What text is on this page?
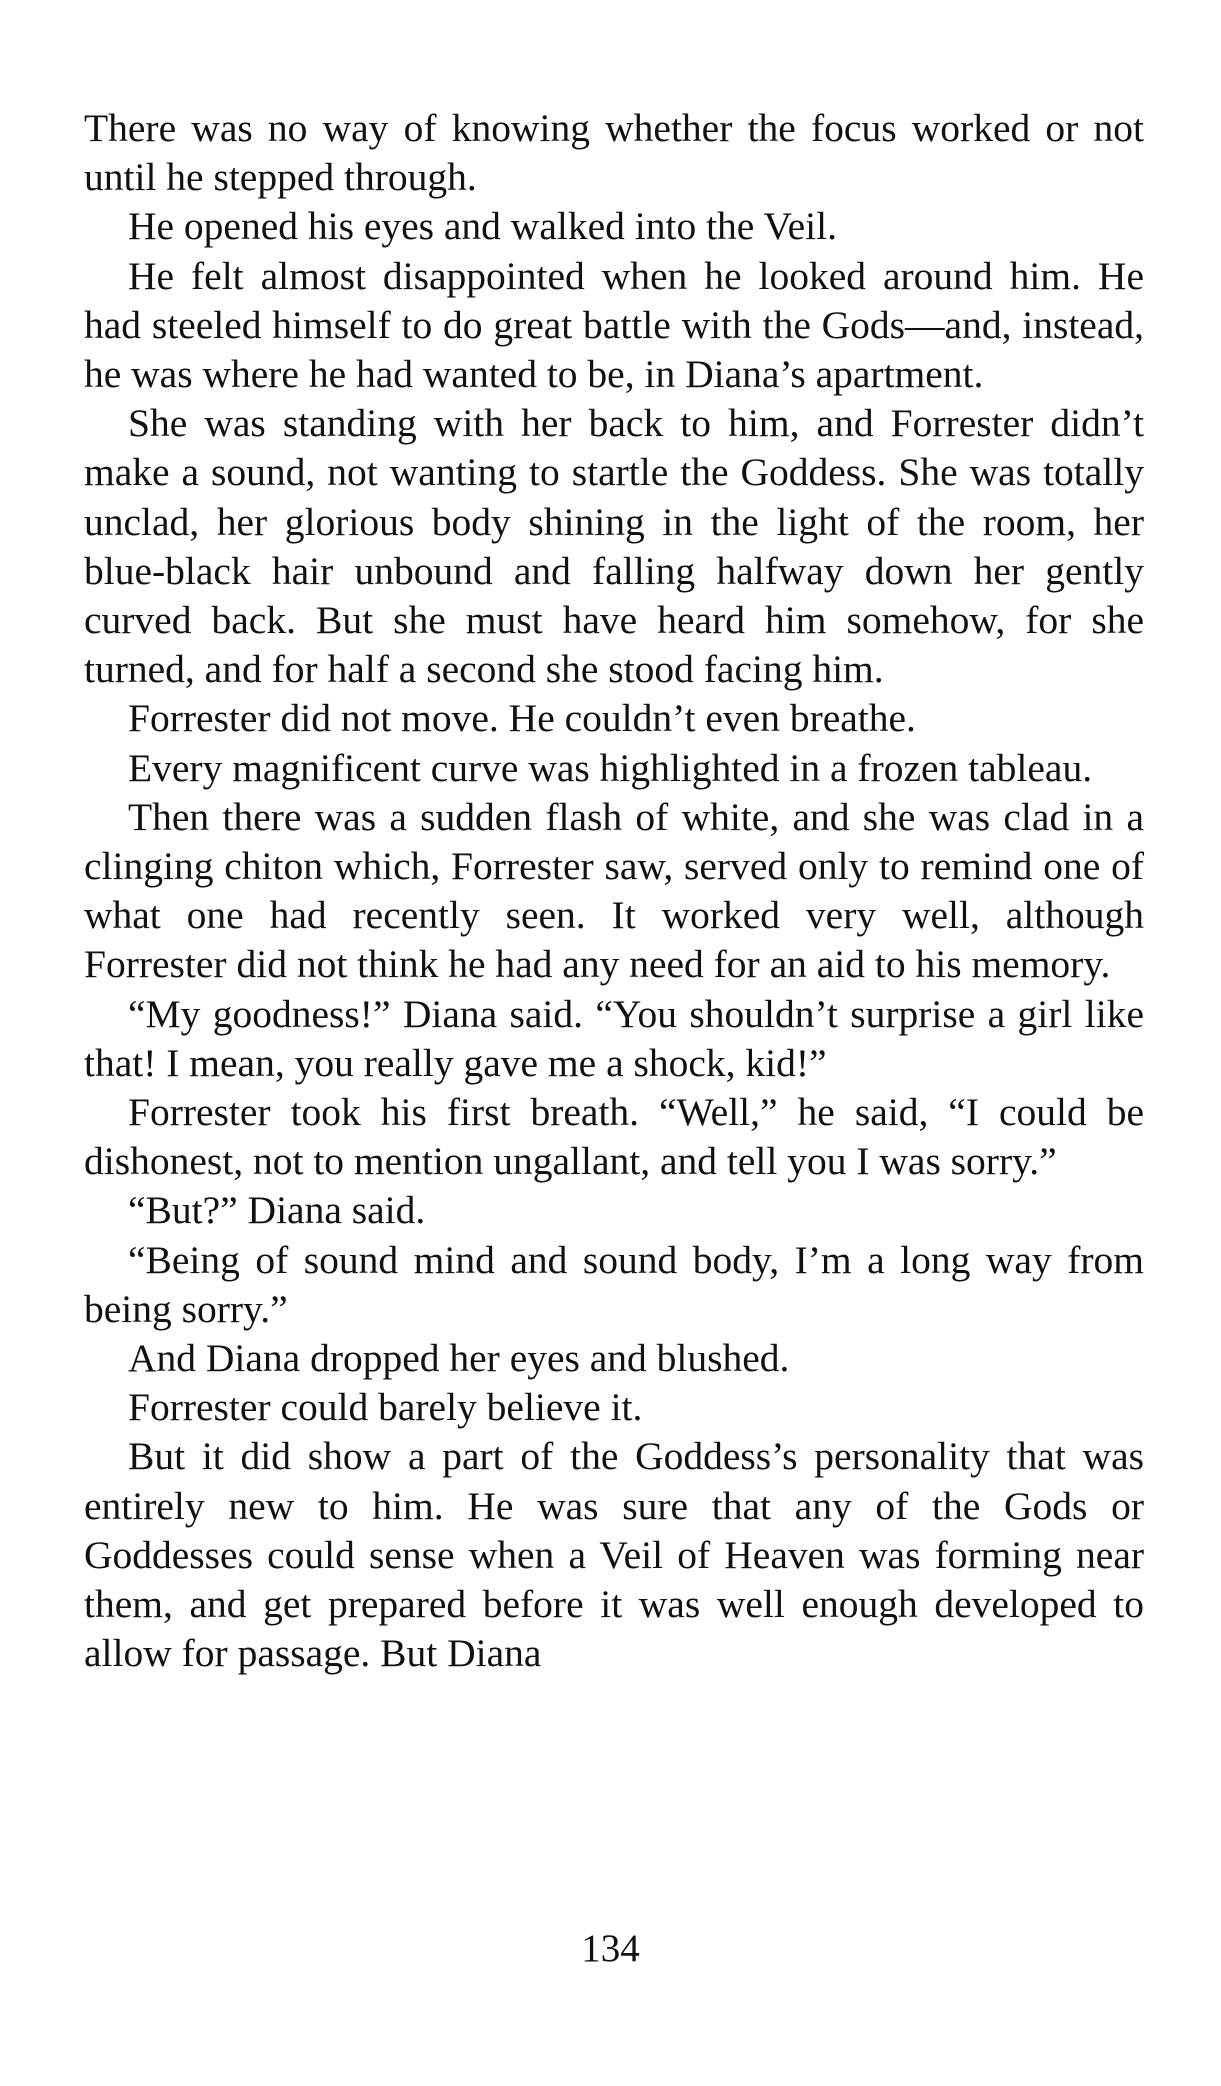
There was no way of knowing whether the focus worked or not until he stepped through.

He opened his eyes and walked into the Veil.

He felt almost disappointed when he looked around him. He had steeled himself to do great battle with the Gods—and, instead, he was where he had wanted to be, in Diana’s apartment.

She was standing with her back to him, and Forrester didn’t make a sound, not wanting to startle the Goddess. She was totally unclad, her glorious body shining in the light of the room, her blue-black hair unbound and falling halfway down her gently curved back. But she must have heard him somehow, for she turned, and for half a second she stood facing him.

Forrester did not move. He couldn’t even breathe.

Every magnificent curve was highlighted in a frozen tableau.

Then there was a sudden flash of white, and she was clad in a clinging chiton which, Forrester saw, served only to remind one of what one had recently seen. It worked very well, although Forrester did not think he had any need for an aid to his memory.

“My goodness!” Diana said. “You shouldn’t surprise a girl like that! I mean, you really gave me a shock, kid!”

Forrester took his first breath. “Well,” he said, “I could be dishonest, not to mention ungallant, and tell you I was sorry.”

“But?” Diana said.

“Being of sound mind and sound body, I’m a long way from being sorry.”

And Diana dropped her eyes and blushed.

Forrester could barely believe it.

But it did show a part of the Goddess’s personality that was entirely new to him. He was sure that any of the Gods or Goddesses could sense when a Veil of Heaven was forming near them, and get prepared before it was well enough developed to allow for passage. But Diana

134
